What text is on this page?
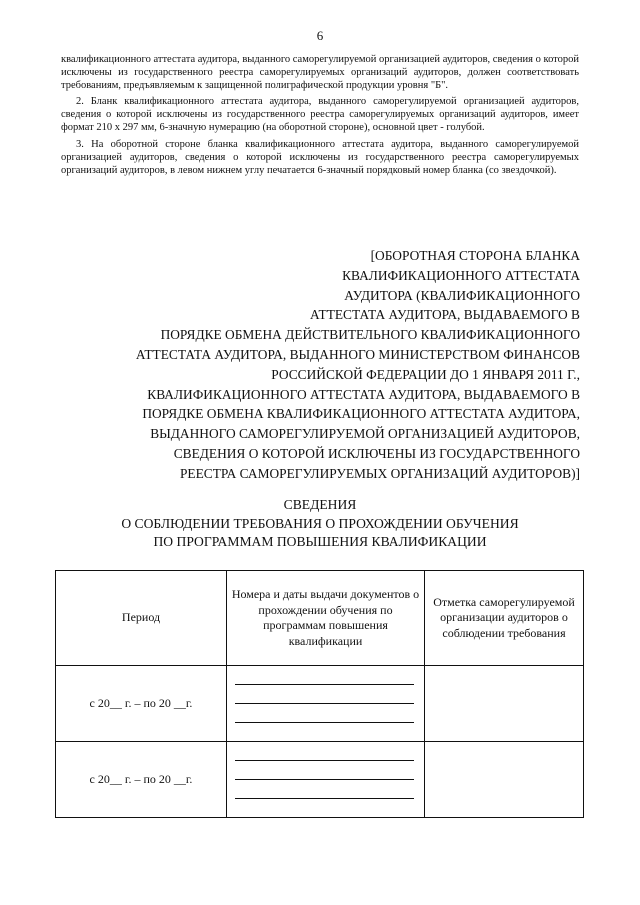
6

квалификационного аттестата аудитора, выданного саморегулируемой организацией аудиторов, сведения о которой исключены из государственного реестра саморегулируемых организаций аудиторов, должен соответствовать требованиям, предъявляемым к защищенной полиграфической продукции уровня "Б".

2. Бланк квалификационного аттестата аудитора, выданного саморегулируемой организацией аудиторов, сведения о которой исключены из государственного реестра саморегулируемых организаций аудиторов, имеет формат 210 x 297 мм, 6-значную нумерацию (на оборотной стороне), основной цвет - голубой.

3. На оборотной стороне бланка квалификационного аттестата аудитора, выданного саморегулируемой организацией аудиторов, сведения о которой исключены из государственного реестра саморегулируемых организаций аудиторов, в левом нижнем углу печатается 6-значный порядковый номер бланка (со звездочкой).

[ОБОРОТНАЯ СТОРОНА БЛАНКА
КВАЛИФИКАЦИОННОГО АТТЕСТАТА
АУДИТОРА (КВАЛИФИКАЦИОННОГО
АТТЕСТАТА АУДИТОРА, ВЫДАВАЕМОГО В
ПОРЯДКЕ ОБМЕНА ДЕЙСТВИТЕЛЬНОГО КВАЛИФИКАЦИОННОГО
АТТЕСТАТА АУДИТОРА, ВЫДАННОГО МИНИСТЕРСТВОМ ФИНАНСОВ
РОССИЙСКОЙ ФЕДЕРАЦИИ ДО 1 ЯНВАРЯ 2011 Г.,
КВАЛИФИКАЦИОННОГО АТТЕСТАТА АУДИТОРА, ВЫДАВАЕМОГО В
ПОРЯДКЕ ОБМЕНА КВАЛИФИКАЦИОННОГО АТТЕСТАТА АУДИТОРА,
ВЫДАННОГО САМОРЕГУЛИРУЕМОЙ ОРГАНИЗАЦИЕЙ АУДИТОРОВ,
СВЕДЕНИЯ О КОТОРОЙ ИСКЛЮЧЕНЫ ИЗ ГОСУДАРСТВЕННОГО
РЕЕСТРА САМОРЕГУЛИРУЕМЫХ ОРГАНИЗАЦИЙ АУДИТОРОВ)]
СВЕДЕНИЯ
О СОБЛЮДЕНИИ ТРЕБОВАНИЯ О ПРОХОЖДЕНИИ ОБУЧЕНИЯ
ПО ПРОГРАММАМ ПОВЫШЕНИЯ КВАЛИФИКАЦИИ
Период	Номера и даты выдачи документов о прохождении обучения по программам повышения квалификации	Отметка саморегулируемой организации аудиторов о соблюдении требования
с 20__ г. – по 20 __г.	

с 20__ г. – по 20 __г.	
